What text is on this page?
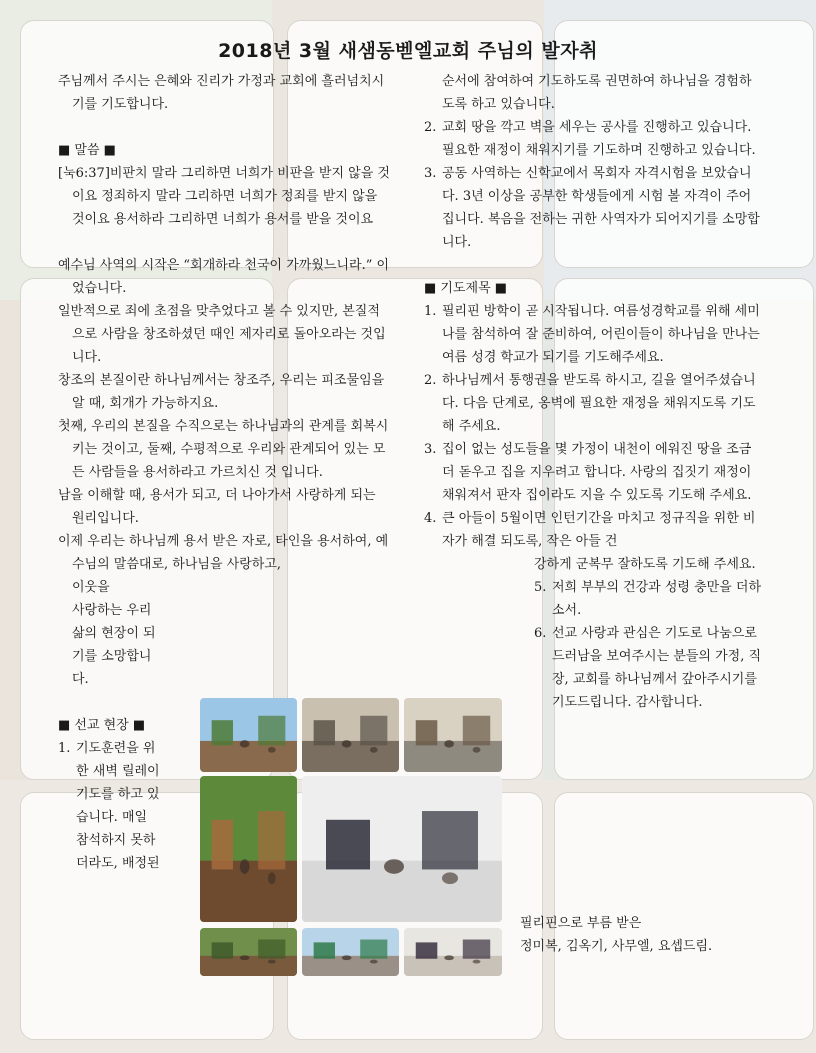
2018년 3월 새샘동벧엘교회 주님의 발자취

주님께서 주시는 은혜와 진리가 가정과 교회에 흘러넘치시기를 기도합니다.

■ 말씀 ■

[눅6:37]비판치 말라 그리하면 너희가 비판을 받지 않을 것이요 정죄하지 말라 그리하면 너희가 정죄를 받지 않을 것이요 용서하라 그리하면 너희가 용서를 받을 것이요

예수님 사역의 시작은 “회개하라 천국이 가까웠느니라.” 이었습니다.

일반적으로 죄에 초점을 맞추었다고 볼 수 있지만, 본질적으로 사람을 창조하셨던 때인 제자리로 돌아오라는 것입니다.

창조의 본질이란 하나님께서는 창조주, 우리는 피조물임을 알 때, 회개가 가능하지요.

첫째, 우리의 본질을 수직으로는 하나님과의 관계를 회복시키는 것이고, 둘째, 수평적으로 우리와 관계되어 있는 모든 사람들을 용서하라고 가르치신 것 입니다.

남을 이해할 때, 용서가 되고, 더 나아가서 사랑하게 되는 원리입니다.

이제 우리는 하나님께 용서 받은 자로, 타인을 용서하여, 예수님의 말씀대로, 하나님을 사랑하고,

이웃을
사랑하는 우리
삶의 현장이 되
기를 소망합니
다.

■ 선교 현장 ■

1. 기도훈련을 위
한 새벽 릴레이
기도를 하고 있
습니다. 매일
참석하지 못하
더라도, 배정된

순서에 참여하여 기도하도록 권면하여 하나님을 경험하도록 하고 있습니다.

2. 교회 땅을 깍고 벽을 세우는 공사를 진행하고 있습니다. 필요한 재정이 채워지기를 기도하며 진행하고 있습니다.
3. 공동 사역하는 신학교에서 목회자 자격시험을 보았습니다. 3년 이상을 공부한 학생들에게 시험 볼 자격이 주어집니다. 복음을 전하는 귀한 사역자가 되어지기를 소망합니다.

■ 기도제목 ■

1. 필리핀 방학이 곧 시작됩니다. 여름성경학교를 위해 세미나를 참석하여 잘 준비하여, 어린이들이 하나님을 만나는 여름 성경 학교가 되기를 기도해주세요.
2. 하나님께서 통행권을 받도록 하시고, 길을 열어주셨습니다. 다음 단계로, 옹벽에 필요한 재정을 채워지도록 기도해 주세요.
3. 집이 없는 성도들을 몇 가정이 내천이 에워진 땅을 조금 더 돋우고 집을 지우려고 합니다. 사랑의 집짓기 재정이 채워져서 판자 집이라도 지을 수 있도록 기도해 주세요.
4. 큰 아들이 5월이면 인턴기간을 마치고 정규직을 위한 비자가 해결 되도록, 작은 아들 건
강하게 군복무 잘하도록 기도해 주세요.
5. 저희 부부의 건강과 성령 충만을 더하소서.
6. 선교 사랑과 관심은 기도로 나눔으로 드러남을 보여주시는 분들의 가정, 직장, 교회를 하나님께서 갚아주시기를 기도드립니다. 감사합니다.
필리핀으로 부름 받은
정미복, 김옥기, 사무엘, 요셉드림.
